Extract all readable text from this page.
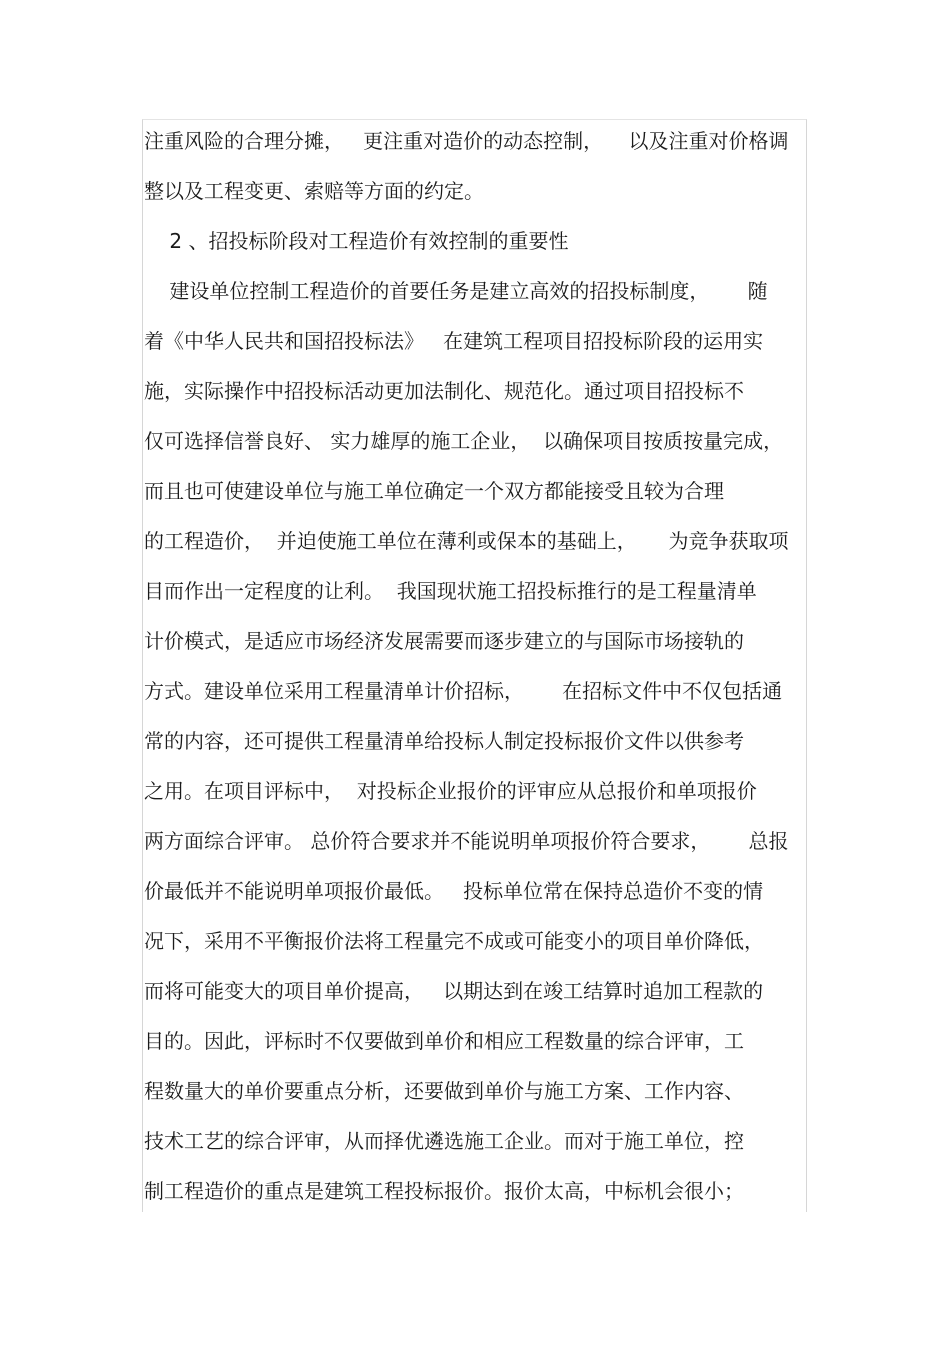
注重风险的合理分摊，   更注重对造价的动态控制，    以及注重对价格调

整以及工程变更、索赔等方面的约定。

2 、招投标阶段对工程造价有效控制的重要性

建设单位控制工程造价的首要任务是建立高效的招投标制度，      随

着《中华人民共和国招投标法》   在建筑工程项目招投标阶段的运用实

施，实际操作中招投标活动更加法制化、规范化。通过项目招投标不

仅可选择信誉良好、 实力雄厚的施工企业，  以确保项目按质按量完成，

而且也可使建设单位与施工单位确定一个双方都能接受且较为合理

的工程造价，  并迫使施工单位在薄利或保本的基础上，     为竞争获取项

目而作出一定程度的让利。  我国现状施工招投标推行的是工程量清单

计价模式，是适应市场经济发展需要而逐步建立的与国际市场接轨的

方式。建设单位采用工程量清单计价招标，      在招标文件中不仅包括通

常的内容，还可提供工程量清单给投标人制定投标报价文件以供参考

之用。在项目评标中，  对投标企业报价的评审应从总报价和单项报价

两方面综合评审。 总价符合要求并不能说明单项报价符合要求，      总报

价最低并不能说明单项报价最低。   投标单位常在保持总造价不变的情

况下，采用不平衡报价法将工程量完不成或可能变小的项目单价降低，

而将可能变大的项目单价提高，   以期达到在竣工结算时追加工程款的

目的。因此，评标时不仅要做到单价和相应工程数量的综合评审，工

程数量大的单价要重点分析，还要做到单价与施工方案、工作内容、

技术工艺的综合评审，从而择优遴选施工企业。而对于施工单位，控

制工程造价的重点是建筑工程投标报价。报价太高，中标机会很小；
